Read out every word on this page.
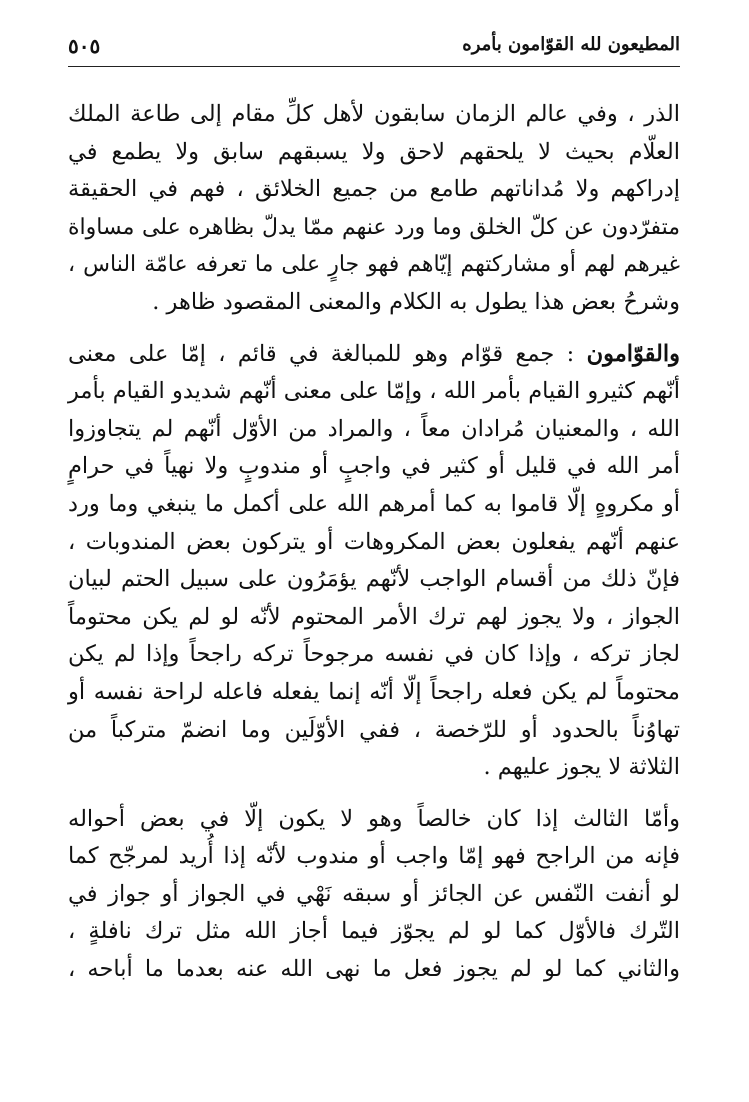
المطيعون لله القوّامون بأمره
٥٠٥
الذر ، وفي عالم الزمان سابقون لأهل كلِّ مقام إلى طاعة الملك
العلّام بحيث لا يلحقهم لاحق ولا يسبقهم سابق ولا يطمع في
إدراكهم ولا مُداناتهم طامع من جميع الخلائق ، فهم في الحقيقة
متفرّدون عن كلّ الخلق وما ورد عنهم ممّا يدلّ بظاهره على مساواة
غيرهم لهم أو مشاركتهم إيّاهم فهو جارٍ على ما تعرفه عامّة الناس ،
وشرحُ بعض هذا يطول به الكلام والمعنى المقصود ظاهر .
والقوّامون : جمع قوّام وهو للمبالغة في قائم ، إمّا على معنى
أنّهم كثيرو القيام بأمر الله ، وإمّا على معنى أنّهم شديدو القيام بأمر
الله ، والمعنيان مُرادان معاً ، والمراد من الأوّل أنّهم لم يتجاوزوا
أمر الله في قليل أو كثير في واجبٍ أو مندوبٍ ولا نهياً في حرامٍ
أو مكروهٍ إلّا قاموا به كما أمرهم الله على أكمل ما ينبغي وما ورد
عنهم أنّهم يفعلون بعض المكروهات أو يتركون بعض المندوبات ،
فإنّ ذلك من أقسام الواجب لأنّهم يؤمَرُون على سبيل الحتم لبيان
الجواز ، ولا يجوز لهم ترك الأمر المحتوم لأنّه لو لم يكن محتوماً
لجاز تركه ، وإذا كان في نفسه مرجوحاً تركه راجحاً وإذا لم يكن
محتوماً لم يكن فعله راجحاً إلّا أنّه إنما يفعله فاعله لراحة نفسه أو
تهاوُناً بالحدود أو للرّخصة ، ففي الأوّلَين وما انضمّ متركباً من
الثلاثة لا يجوز عليهم .
وأمّا الثالث إذا كان خالصاً وهو لا يكون إلّا في بعض أحواله
فإنه من الراجح فهو إمّا واجب أو مندوب لأنّه إذا أُريد لمرجّح كما
لو أنفت النّفس عن الجائز أو سبقه نَهْي في الجواز أو جواز في
التّرك فالأوّل كما لو لم يجوّز فيما أجاز الله مثل ترك نافلةٍ ،
والثاني كما لو لم يجوز فعل ما نهى الله عنه بعدما ما أباحه ،
